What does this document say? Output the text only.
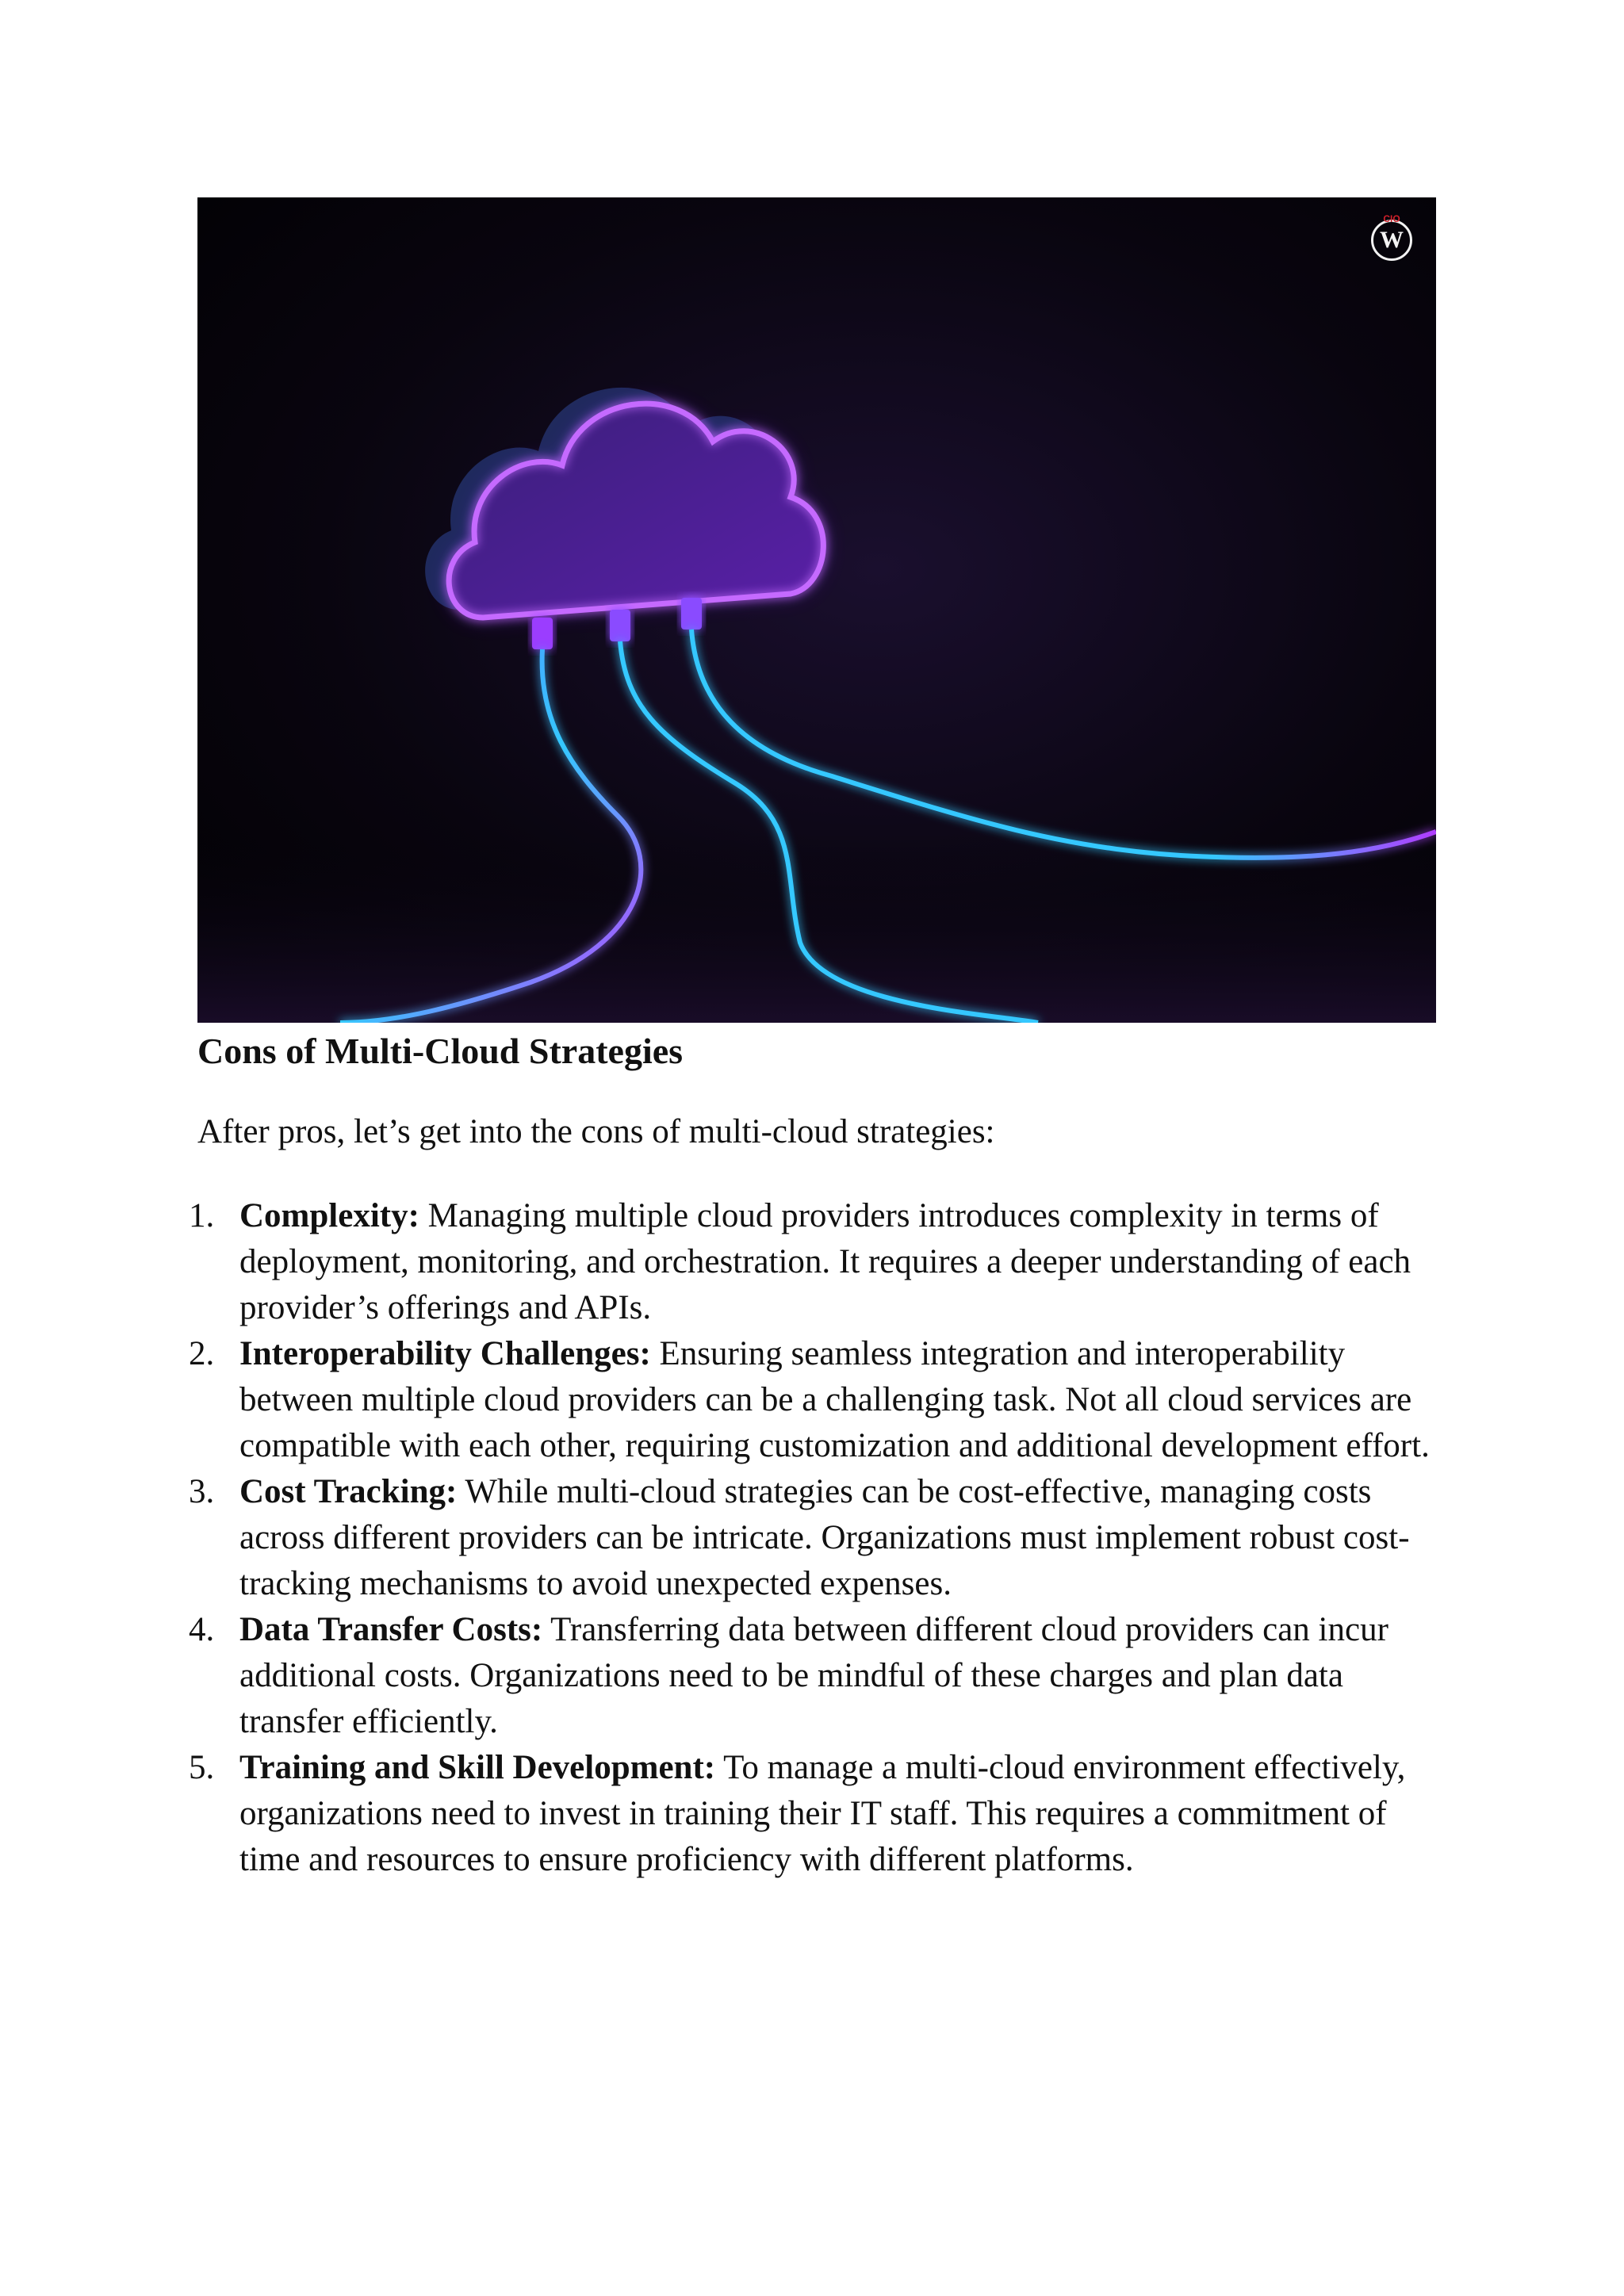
CIO
W
Cons of Multi-Cloud Strategies

After pros, let’s get into the cons of multi-cloud strategies:

1. Complexity: Managing multiple cloud providers introduces complexity in terms of deployment, monitoring, and orchestration. It requires a deeper understanding of each provider’s offerings and APIs.
2. Interoperability Challenges: Ensuring seamless integration and interoperability between multiple cloud providers can be a challenging task. Not all cloud services are compatible with each other, requiring customization and additional development effort.
3. Cost Tracking: While multi-cloud strategies can be cost-effective, managing costs across different providers can be intricate. Organizations must implement robust cost-tracking mechanisms to avoid unexpected expenses.
4. Data Transfer Costs: Transferring data between different cloud providers can incur additional costs. Organizations need to be mindful of these charges and plan data transfer efficiently.
5. Training and Skill Development: To manage a multi-cloud environment effectively, organizations need to invest in training their IT staff. This requires a commitment of time and resources to ensure proficiency with different platforms.
